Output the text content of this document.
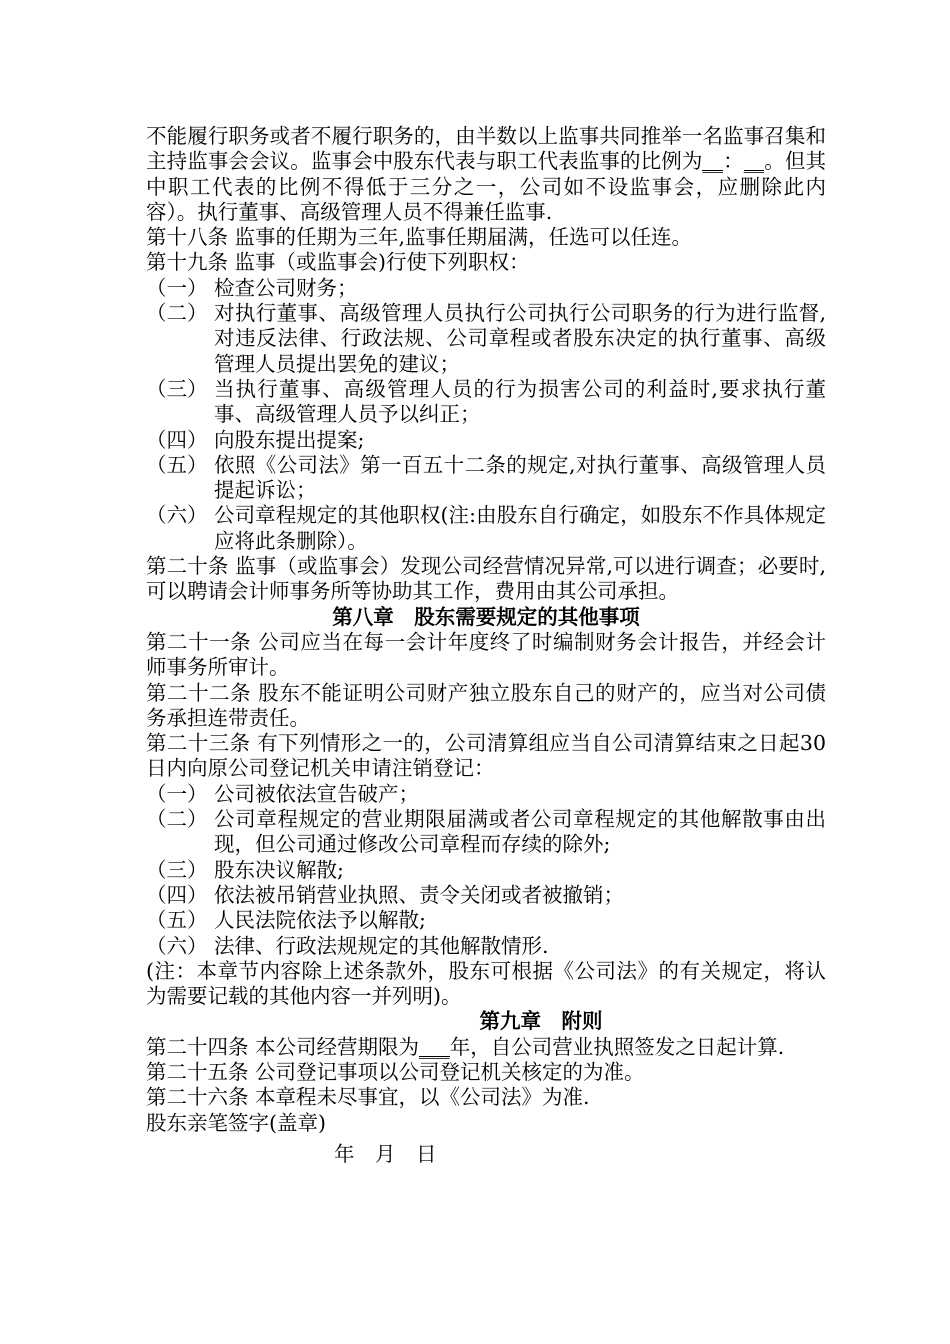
不能履行职务或者不履行职务的，由半数以上监事共同推举一名监事召集和主持监事会会议。监事会中股东代表与职工代表监事的比例为__：__。但其中职工代表的比例不得低于三分之一，公司如不设监事会，应删除此内容）。执行董事、高级管理人员不得兼任监事.

第十八条 监事的任期为三年,监事任期届满，任选可以任连。

第十九条 监事（或监事会)行使下列职权：

（一） 检查公司财务；
（二） 对执行董事、高级管理人员执行公司执行公司职务的行为进行监督,对违反法律、行政法规、公司章程或者股东决定的执行董事、高级管理人员提出罢免的建议；
（三） 当执行董事、高级管理人员的行为损害公司的利益时,要求执行董事、高级管理人员予以纠正；
（四） 向股东提出提案;
（五） 依照《公司法》第一百五十二条的规定,对执行董事、高级管理人员提起诉讼；
（六） 公司章程规定的其他职权(注:由股东自行确定，如股东不作具体规定应将此条删除）。

第二十条 监事（或监事会）发现公司经营情况异常,可以进行调查；必要时,可以聘请会计师事务所等协助其工作，费用由其公司承担。

第八章　股东需要规定的其他事项

第二十一条 公司应当在每一会计年度终了时编制财务会计报告，并经会计师事务所审计。

第二十二条 股东不能证明公司财产独立股东自己的财产的，应当对公司债务承担连带责任。

第二十三条 有下列情形之一的，公司清算组应当自公司清算结束之日起30日内向原公司登记机关申请注销登记：

（一） 公司被依法宣告破产；
（二） 公司章程规定的营业期限届满或者公司章程规定的其他解散事由出现，但公司通过修改公司章程而存续的除外;
（三） 股东决议解散;
（四） 依法被吊销营业执照、责令关闭或者被撤销；
（五） 人民法院依法予以解散;
（六） 法律、行政法规规定的其他解散情形.

(注：本章节内容除上述条款外，股东可根据《公司法》的有关规定，将认为需要记载的其他内容一并列明)。

第九章　附则

第二十四条 本公司经营期限为___年，自公司营业执照签发之日起计算.

第二十五条 公司登记事项以公司登记机关核定的为准。

第二十六条 本章程未尽事宜，以《公司法》为准.

股东亲笔签字(盖章)

年　月　日
